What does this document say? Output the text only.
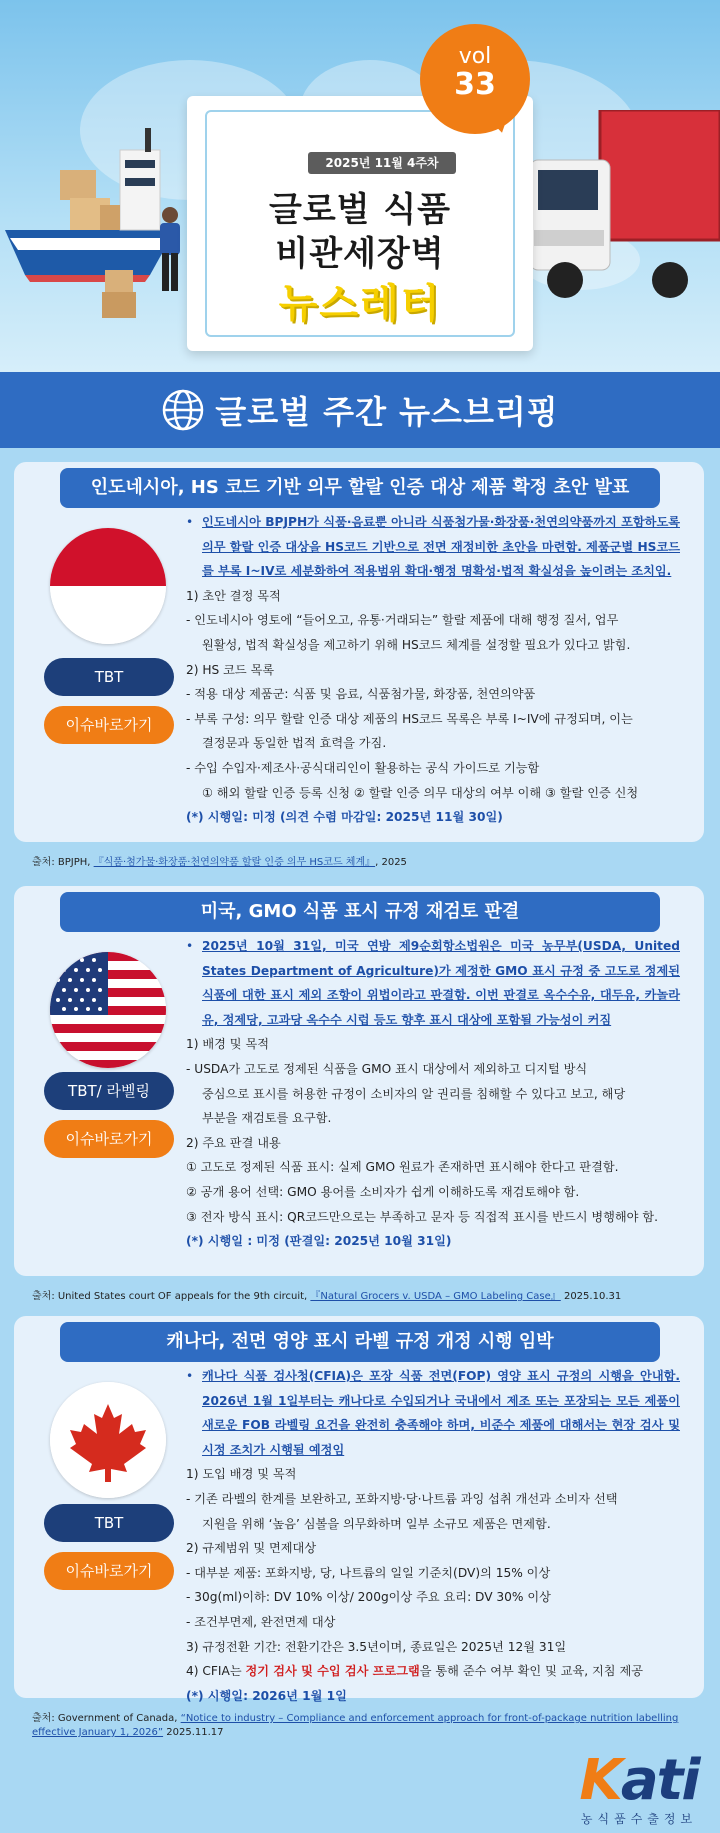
2025년 11월 4주차
글로벌 식품
비관세장벽
뉴스레터
vol
33
글로벌 주간 뉴스브리핑
인도네시아, HS 코드 기반 의무 할랄 인증 대상 제품 확정 초안 발표
TBT
이슈바로가기

• 인도네시아 BPJPH가 식품·음료뿐 아니라 식품첨가물·화장품·천연의약품까지 포함하도록 의무 할랄 인증 대상을 HS코드 기반으로 전면 재정비한 초안을 마련함. 제품군별 HS코드를 부록 I~IV로 세분화하여 적용범위 확대·행정 명확성·법적 확실성을 높이려는 조치임.

1) 초안 결정 목적

- 인도네시아 영토에 “들어오고, 유통·거래되는” 할랄 제품에 대해 행정 질서, 업무

원활성, 법적 확실성을 제고하기 위해 HS코드 체계를 설정할 필요가 있다고 밝힘.

2) HS 코드 목록

- 적용 대상 제품군: 식품 및 음료, 식품첨가물, 화장품, 천연의약품

- 부록 구성: 의무 할랄 인증 대상 제품의 HS코드 목록은 부록 I~IV에 규정되며, 이는

결정문과 동일한 법적 효력을 가짐.

- 수입 수입자·제조사·공식대리인이 활용하는 공식 가이드로 기능함

① 해외 할랄 인증 등록 신청 ② 할랄 인증 의무 대상의 여부 이해 ③ 할랄 인증 신청

(*) 시행일: 미정 (의견 수렴 마감일: 2025년 11월 30일)

출처: BPJPH, 『식품·첨가물·화장품·천연의약품 할랄 인증 의무 HS코드 체계』, 2025
미국, GMO 식품 표시 규정 재검토 판결
TBT/ 라벨링
이슈바로가기

• 2025년 10월 31일, 미국 연방 제9순회항소법원은 미국 농무부(USDA, United States Department of Agriculture)가 제정한 GMO 표시 규정 중 고도로 정제된 식품에 대한 표시 제외 조항이 위법이라고 판결함. 이번 판결로 옥수수유, 대두유, 카놀라유, 정제당, 고과당 옥수수 시럽 등도 향후 표시 대상에 포함될 가능성이 커짐

1) 배경 및 목적

- USDA가 고도로 정제된 식품을 GMO 표시 대상에서 제외하고 디지털 방식

중심으로 표시를 허용한 규정이 소비자의 알 권리를 침해할 수 있다고 보고, 해당

부분을 재검토를 요구함.

2) 주요 판결 내용

① 고도로 정제된 식품 표시: 실제 GMO 원료가 존재하면 표시해야 한다고 판결함.

② 공개 용어 선택: GMO 용어를 소비자가 쉽게 이해하도록 재검토해야 함.

③ 전자 방식 표시: QR코드만으로는 부족하고 문자 등 직접적 표시를 반드시 병행해야 함.

(*) 시행일 : 미정 (판결일: 2025년 10월 31일)

출처: United States court OF appeals for the 9th circuit, 『Natural Grocers v. USDA – GMO Labeling Case』 2025.10.31
캐나다, 전면 영양 표시 라벨 규정 개정 시행 임박
TBT
이슈바로가기

• 캐나다 식품 검사청(CFIA)은 포장 식품 전면(FOP) 영양 표시 규정의 시행을 안내함. 2026년 1월 1일부터는 캐나다로 수입되거나 국내에서 제조 또는 포장되는 모든 제품이 새로운 FOB 라벨링 요건을 완전히 충족해야 하며, 비준수 제품에 대해서는 현장 검사 및 시정 조치가 시행될 예정임

1) 도입 배경 및 목적

- 기존 라벨의 한계를 보완하고, 포화지방·당·나트륨 과잉 섭취 개선과 소비자 선택

지원을 위해 ‘높음’ 심볼을 의무화하며 일부 소규모 제품은 면제함.

2) 규제범위 및 면제대상

- 대부분 제품: 포화지방, 당, 나트륨의 일일 기준치(DV)의 15% 이상

- 30g(ml)이하: DV 10% 이상/ 200g이상 주요 요리: DV 30% 이상

- 조건부면제, 완전면제 대상

3) 규정전환 기간: 전환기간은 3.5년이며, 종료일은 2025년 12월 31일

4) CFIA는 정기 검사 및 수입 검사 프로그램을 통해 준수 여부 확인 및 교육, 지침 제공

(*) 시행일: 2026년 1월 1일

출처: Government of Canada, “Notice to industry – Compliance and enforcement approach for front-of-package nutrition labelling effective January 1, 2026” 2025.11.17
Kati
농식품수출정보
